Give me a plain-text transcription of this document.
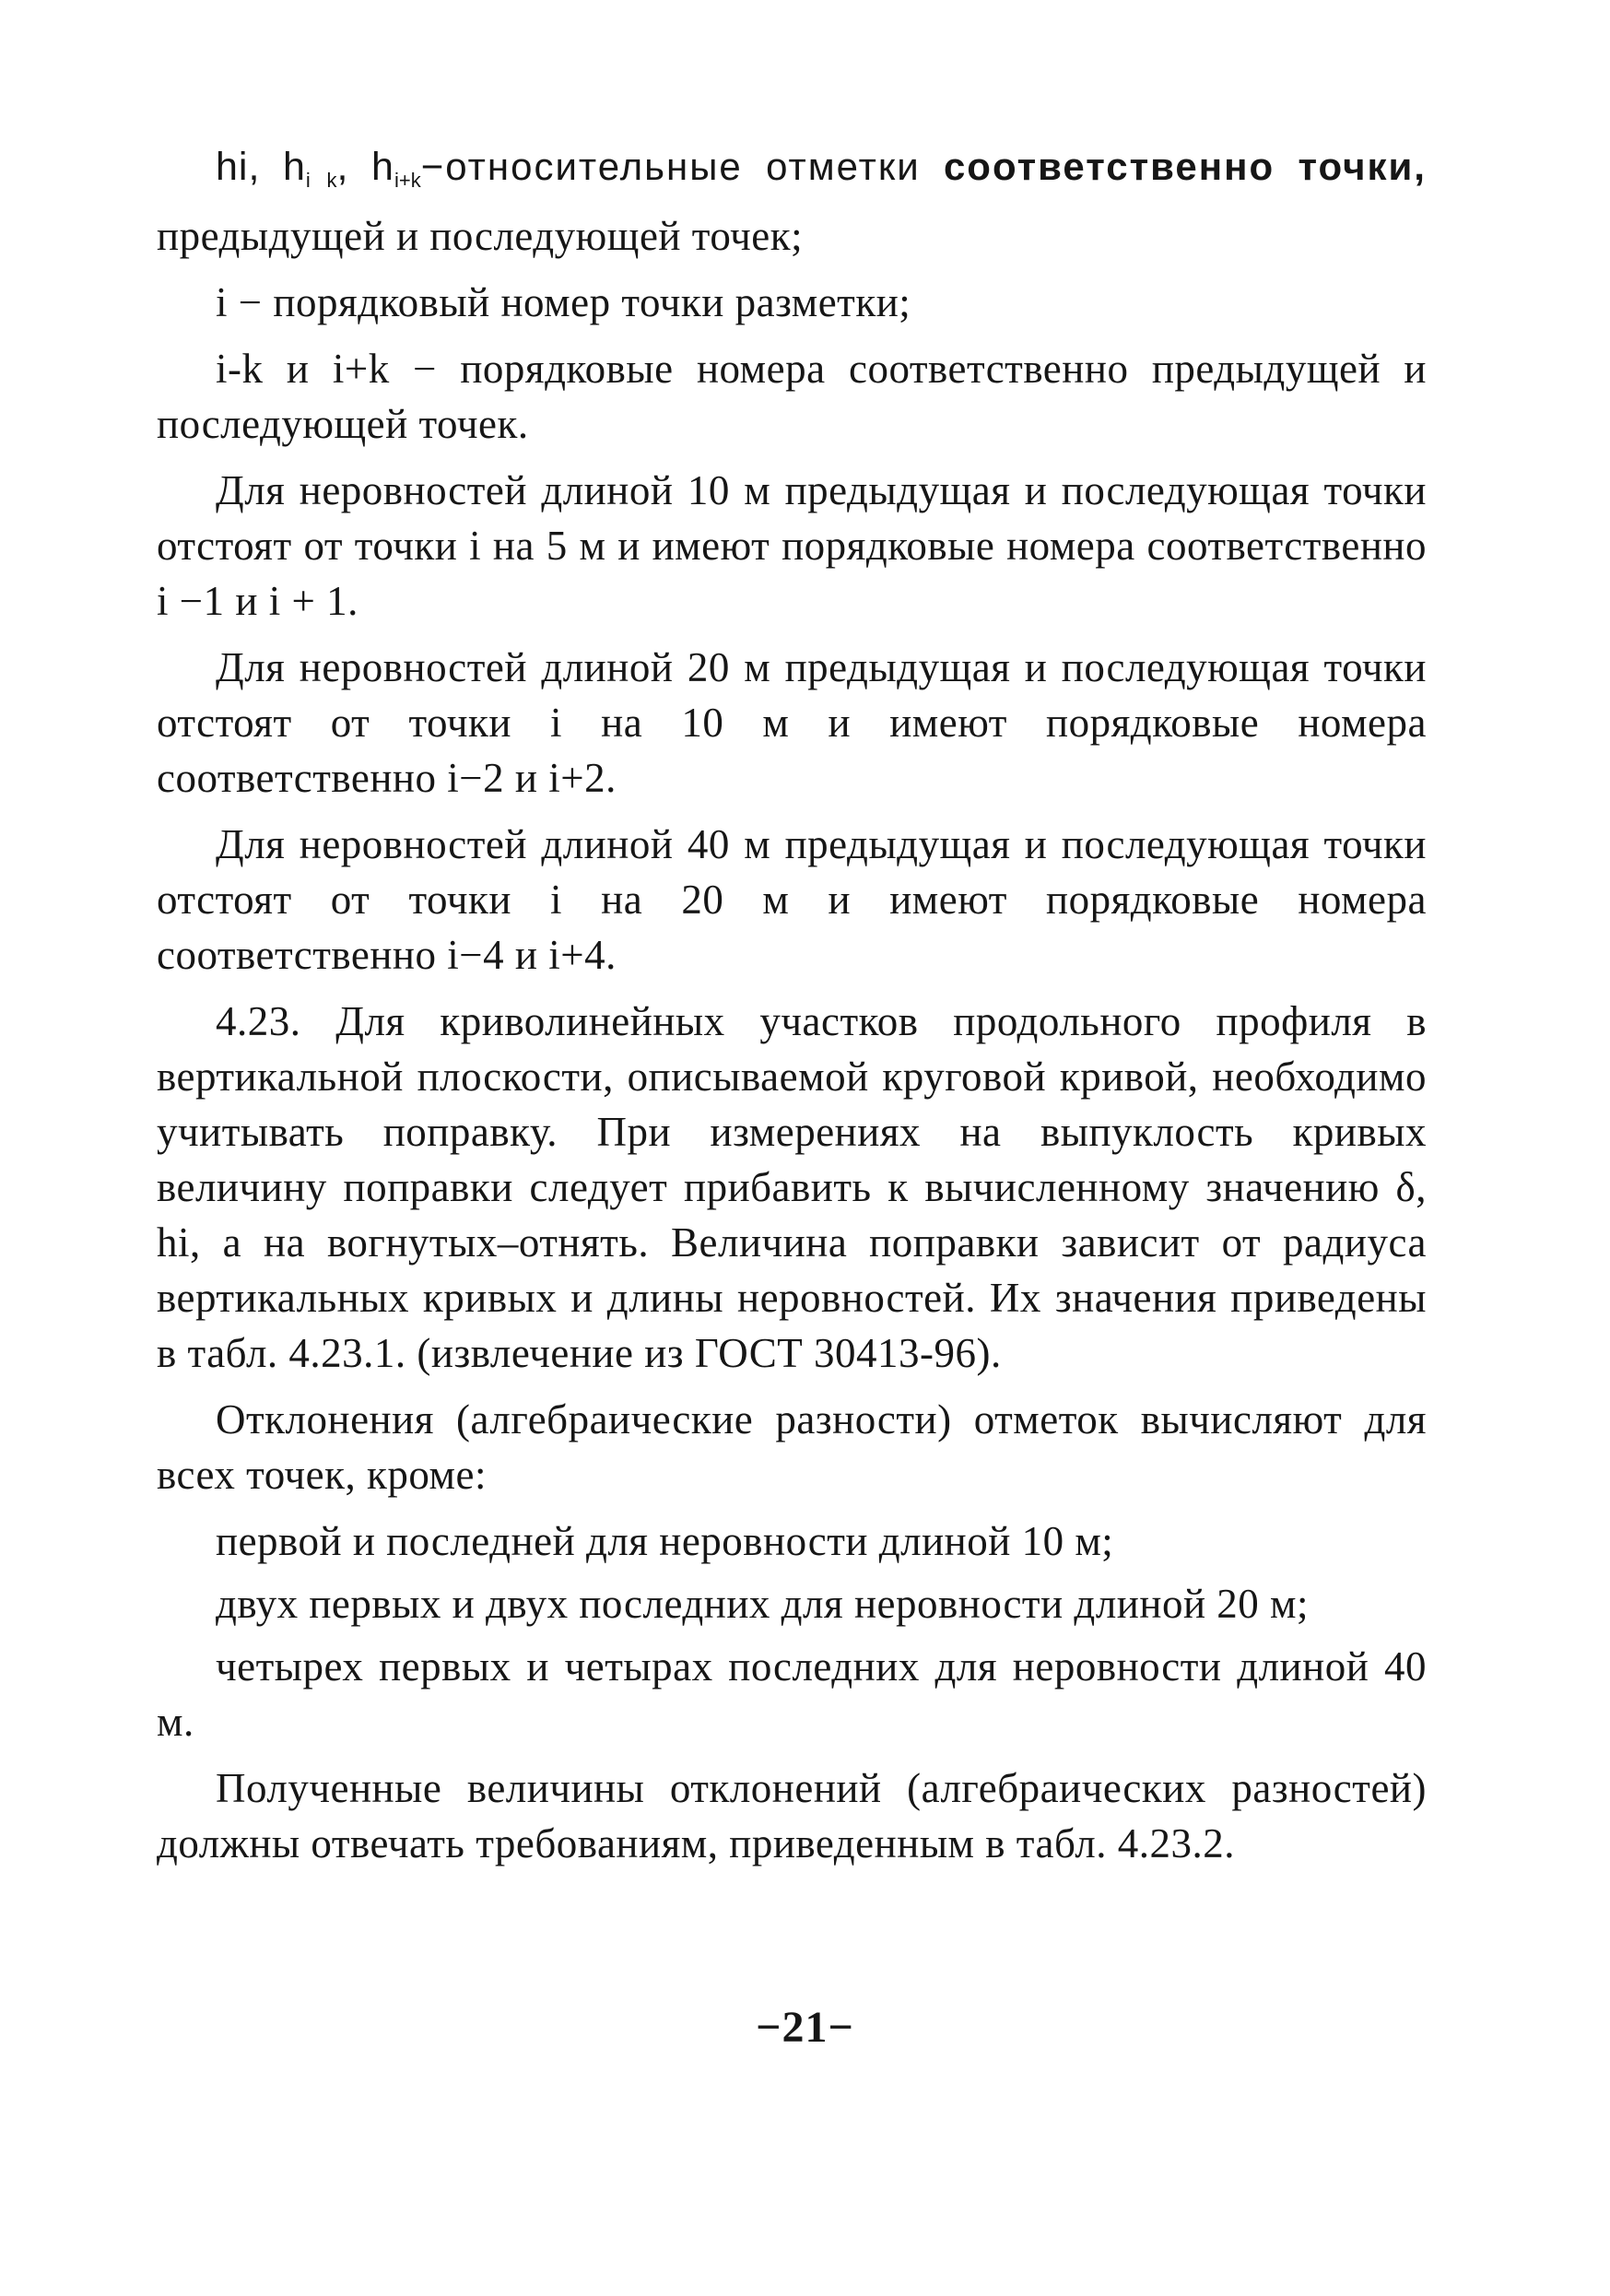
hi, $h_{i k}$, $h_{i+k}-относительные$ отметки соответственно точки, предыдущей и последующей точек;

i − порядковый номер точки разметки;

i-k и i+k − порядковые номера соответственно предыдущей и последующей точек.

Для неровностей длиной 10 м предыдущая и последующая точки отстоят от точки i на 5 м и имеют порядковые номера соответственно i −1 и i + 1.

Для неровностей длиной 20 м предыдущая и последующая точки отстоят от точки i на 10 м и имеют порядковые номера соответственно i−2 и i+2.

Для неровностей длиной 40 м предыдущая и последующая точки отстоят от точки i на 20 м и имеют порядковые номера соответственно i−4 и i+4.

4.23. Для криволинейных участков продольного профиля в вертикальной плоскости, описываемой круговой кривой, необходимо учитывать поправку. При измерениях на выпуклость кривых величину поправки следует прибавить к вычисленному значению δ, hi, а на вогнутых–отнять. Величина поправки зависит от радиуса вертикальных кривых и длины неровностей. Их значения приведены в табл. 4.23.1. (извлечение из ГОСТ 30413-96).

Отклонения (алгебраические разности) отметок вычисляют для всех точек, кроме:

первой и последней для неровности длиной 10 м;

двух первых и двух последних для неровности длиной 20 м;

четырех первых и четырах последних для неровности длиной 40 м.

Полученные величины отклонений (алгебраических разностей) должны отвечать требованиям, приведенным в табл. 4.23.2.

−21−
